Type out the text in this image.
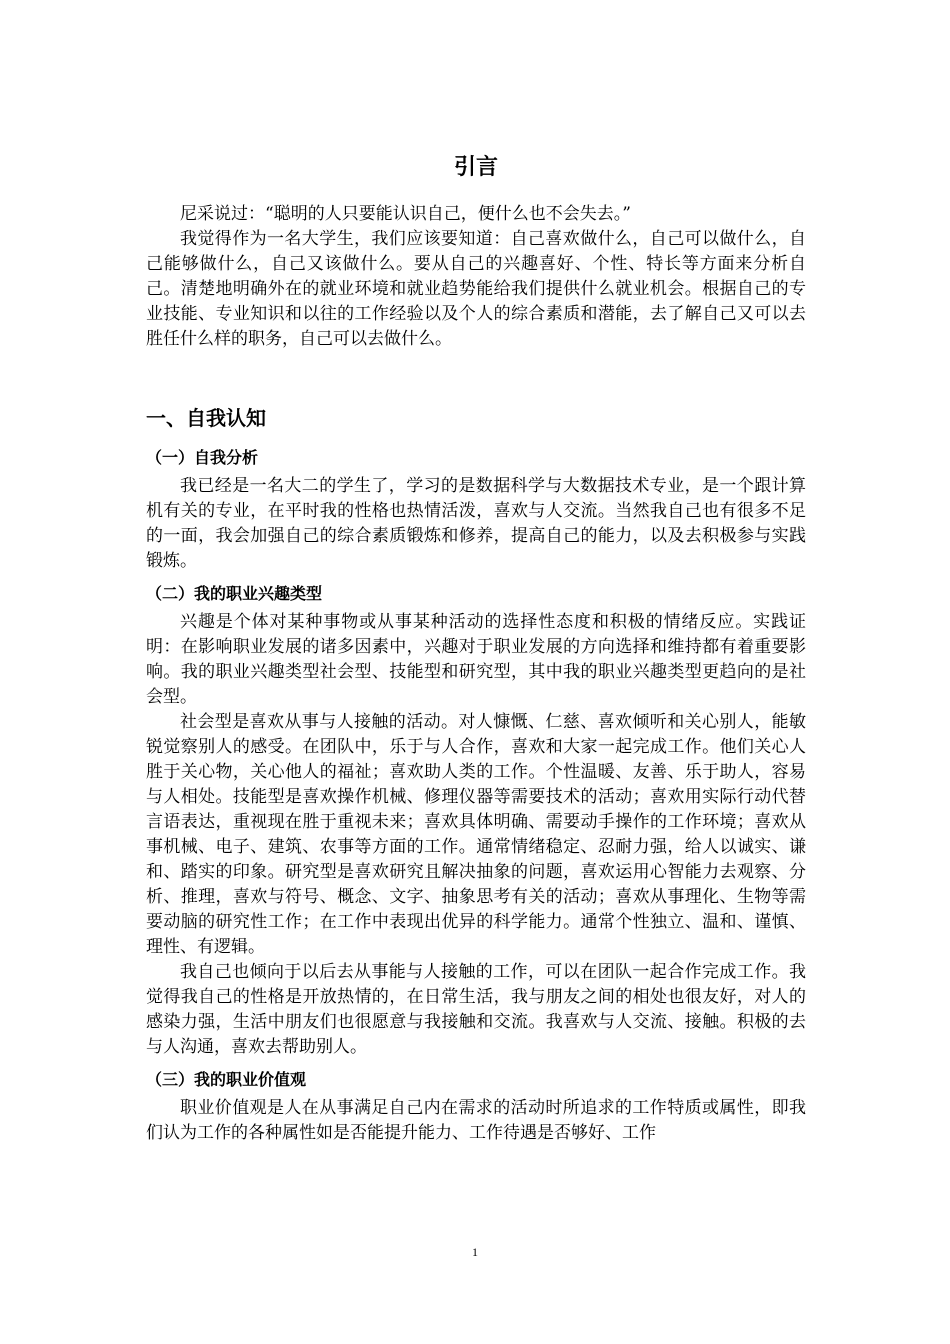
引言

尼采说过：“聪明的人只要能认识自己，便什么也不会失去。”

我觉得作为一名大学生，我们应该要知道：自己喜欢做什么，自己可以做什么，自己能够做什么，自己又该做什么。要从自己的兴趣喜好、个性、特长等方面来分析自己。清楚地明确外在的就业环境和就业趋势能给我们提供什么就业机会。根据自己的专业技能、专业知识和以往的工作经验以及个人的综合素质和潜能，去了解自己又可以去胜任什么样的职务，自己可以去做什么。

一、自我认知
（一）自我分析

我已经是一名大二的学生了，学习的是数据科学与大数据技术专业，是一个跟计算机有关的专业，在平时我的性格也热情活泼，喜欢与人交流。当然我自己也有很多不足的一面，我会加强自己的综合素质锻炼和修养，提高自己的能力，以及去积极参与实践锻炼。

（二）我的职业兴趣类型

兴趣是个体对某种事物或从事某种活动的选择性态度和积极的情绪反应。实践证明：在影响职业发展的诸多因素中，兴趣对于职业发展的方向选择和维持都有着重要影响。我的职业兴趣类型社会型、技能型和研究型，其中我的职业兴趣类型更趋向的是社会型。

社会型是喜欢从事与人接触的活动。对人慷慨、仁慈、喜欢倾听和关心别人，能敏锐觉察别人的感受。在团队中，乐于与人合作，喜欢和大家一起完成工作。他们关心人胜于关心物，关心他人的福祉；喜欢助人类的工作。个性温暖、友善、乐于助人，容易与人相处。技能型是喜欢操作机械、修理仪器等需要技术的活动；喜欢用实际行动代替言语表达，重视现在胜于重视未来；喜欢具体明确、需要动手操作的工作环境；喜欢从事机械、电子、建筑、农事等方面的工作。通常情绪稳定、忍耐力强，给人以诚实、谦和、踏实的印象。研究型是喜欢研究且解决抽象的问题，喜欢运用心智能力去观察、分析、推理，喜欢与符号、概念、文字、抽象思考有关的活动；喜欢从事理化、生物等需要动脑的研究性工作；在工作中表现出优异的科学能力。通常个性独立、温和、谨慎、理性、有逻辑。

我自己也倾向于以后去从事能与人接触的工作，可以在团队一起合作完成工作。我觉得我自己的性格是开放热情的，在日常生活，我与朋友之间的相处也很友好，对人的感染力强，生活中朋友们也很愿意与我接触和交流。我喜欢与人交流、接触。积极的去与人沟通，喜欢去帮助别人。

（三）我的职业价值观

职业价值观是人在从事满足自己内在需求的活动时所追求的工作特质或属性，即我们认为工作的各种属性如是否能提升能力、工作待遇是否够好、工作

1
